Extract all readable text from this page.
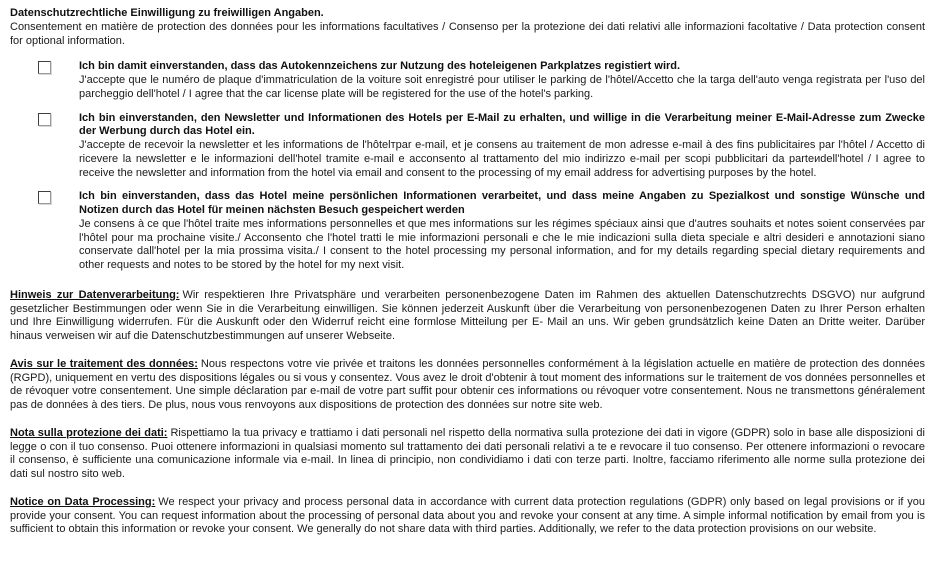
Datenschutzrechtliche Einwilligung zu freiwilligen Angaben.
Consentement en matière de protection des données pour les informations facultatives / Consenso per la protezione dei dati relativi alle informazioni facoltative / Data protection consent for optional information.
Ich bin damit einverstanden, dass das Autokennzeichens zur Nutzung des hoteleigenen Parkplatzes registiert wird.
J'accepte que le numéro de plaque d'immatriculation de la voiture soit enregistré pour utiliser le parking de l'hôtel/Accetto che la targa dell'auto venga registrata per l'uso del parcheggio dell'hotel / I agree that the car license plate will be registered for the use of the hotel's parking.
Ich bin einverstanden, den Newsletter und Informationen des Hotels per E-Mail zu erhalten, und willige in die Verarbeitung meiner E-Mail-Adresse zum Zwecke der Werbung durch das Hotel ein.
J'accepte de recevoir la newsletter et les informations de l'hôtelтpar e-mail, et je consens au traitement de mon adresse e-mail à des fins publicitaires par l'hôtel / Accetto di ricevere la newsletter e le informazioni dell'hotel tramite e-mail e acconsento al trattamento del mio indirizzo e-mail per scopi pubblicitari da parteиdell'hotel / I agree to receive the newsletter and information from the hotel via email and consent to the processing of my email address for advertising purposes by the hotel.
Ich bin einverstanden, dass das Hotel meine persönlichen Informationen verarbeitet, und dass meine Angaben zu Spezialkost und sonstige Wünsche und Notizen durch das Hotel für meinen nächsten Besuch gespeichert werden
Je consens à ce que l'hôtel traite mes informations personnelles et que mes informations sur les régimes spéciaux ainsi que d'autres souhaits et notes soient conservées par l'hôtel pour ma prochaine visite./ Acconsento che l'hotel tratti le mie informazioni personali e che le mie indicazioni sulla dieta speciale e altri desideri e annotazioni siano conservate dall'hotel per la mia prossima visita./ I consent to the hotel processing my personal information, and for my details regarding special dietary requirements and other requests and notes to be stored by the hotel for my next visit.

Hinweis zur Datenverarbeitung: Wir respektieren Ihre Privatsphäre und verarbeiten personenbezogene Daten im Rahmen des aktuellen Datenschutzrechts DSGVO) nur aufgrund gesetzlicher Bestimmungen oder wenn Sie in die Verarbeitung einwilligen. Sie können jederzeit Auskunft über die Verarbeitung von personenbezogenen Daten zu Ihrer Person erhalten und Ihre Einwilligung widerrufen. Für die Auskunft oder den Widerruf reicht eine formlose Mitteilung per E- Mail an uns. Wir geben grundsätzlich keine Daten an Dritte weiter. Darüber hinaus verweisen wir auf die Datenschutzbestimmungen auf unserer Webseite.

Avis sur le traitement des données: Nous respectons votre vie privée et traitons les données personnelles conformément à la législation actuelle en matière de protection des données (RGPD), uniquement en vertu des dispositions légales ou si vous y consentez. Vous avez le droit d'obtenir à tout moment des informations sur le traitement de vos données personnelles et de révoquer votre consentement. Une simple déclaration par e-mail de votre part suffit pour obtenir ces informations ou révoquer votre consentement. Nous ne transmettons généralement pas de données à des tiers. De plus, nous vous renvoyons aux dispositions de protection des données sur notre site web.

Nota sulla protezione dei dati: Rispettiamo la tua privacy e trattiamo i dati personali nel rispetto della normativa sulla protezione dei dati in vigore (GDPR) solo in base alle disposizioni di legge o con il tuo consenso. Puoi ottenere informazioni in qualsiasi momento sul trattamento dei dati personali relativi a te e revocare il tuo consenso. Per ottenere informazioni o revocare il consenso, è sufficiente una comunicazione informale via e-mail. In linea di principio, non condividiamo i dati con terze parti. Inoltre, facciamo riferimento alle norme sulla protezione dei dati sul nostro sito web.

Notice on Data Processing: We respect your privacy and process personal data in accordance with current data protection regulations (GDPR) only based on legal provisions or if you provide your consent. You can request information about the processing of personal data about you and revoke your consent at any time. A simple informal notification by email from you is sufficient to obtain this information or revoke your consent. We generally do not share data with third parties. Additionally, we refer to the data protection provisions on our website.
